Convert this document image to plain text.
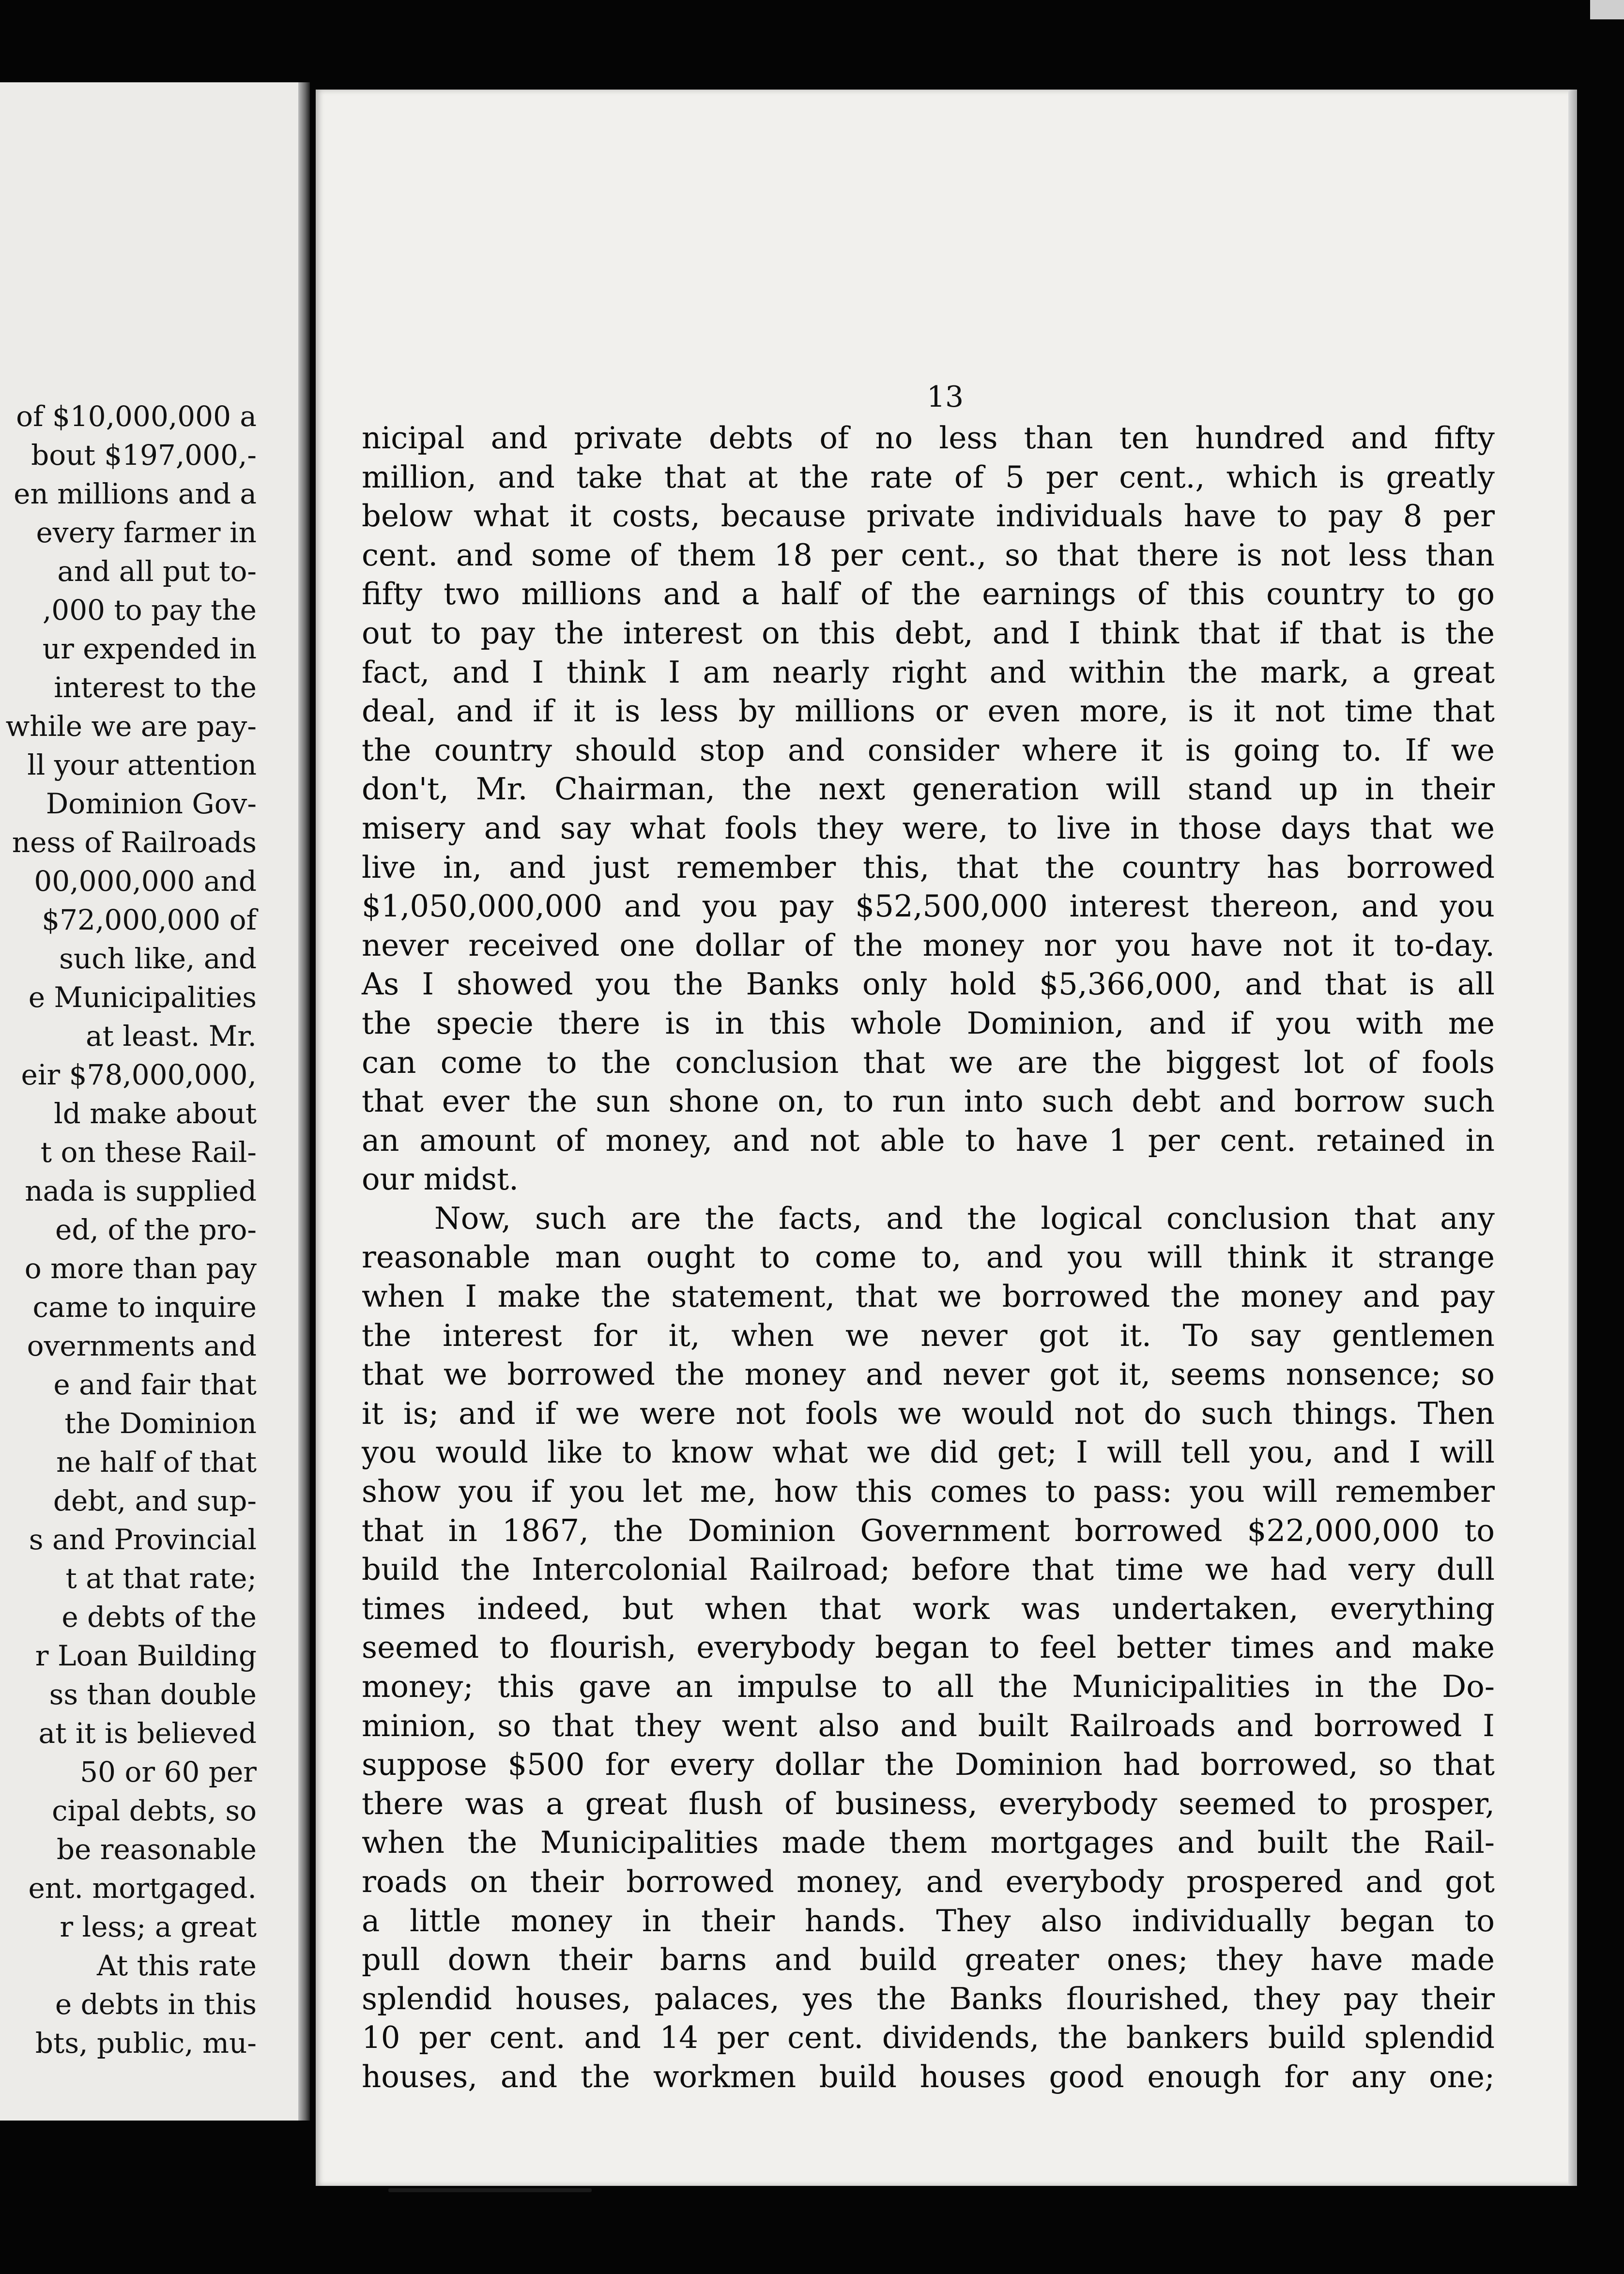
of $10,000,000 a
bout $197,000,-
en millions and a
every farmer in
and all put to-
,000 to pay the
ur expended in
interest to the
while we are pay-
ll your attention
Dominion Gov-
ness of Railroads
00,000,000 and
$72,000,000 of
such like, and
e Municipalities
at least. Mr.
eir $78,000,000,
ld make about
t on these Rail-
nada is supplied
ed, of the pro-
o more than pay
came to inquire
overnments and
e and fair that
the Dominion
ne half of that
debt, and sup-
s and Provincial
t at that rate;
e debts of the
r Loan Building
ss than double
at it is believed
50 or 60 per
cipal debts, so
be reasonable
ent. mortgaged.
r less; a great
At this rate
e debts in this
bts, public, mu-
13
nicipal and private debts of no less than ten hundred and fifty
million, and take that at the rate of 5 per cent., which is greatly
below what it costs, because private individuals have to pay 8 per
cent. and some of them 18 per cent., so that there is not less than
fifty two millions and a half of the earnings of this country to go
out to pay the interest on this debt, and I think that if that is the
fact, and I think I am nearly right and within the mark, a great
deal, and if it is less by millions or even more, is it not time that
the country should stop and consider where it is going to. If we
don't, Mr. Chairman, the next generation will stand up in their
misery and say what fools they were, to live in those days that we
live in, and just remember this, that the country has borrowed
$1,050,000,000 and you pay $52,500,000 interest thereon, and you
never received one dollar of the money nor you have not it to-day.
As I showed you the Banks only hold $5,366,000, and that is all
the specie there is in this whole Dominion, and if you with me
can come to the conclusion that we are the biggest lot of fools
that ever the sun shone on, to run into such debt and borrow such
an amount of money, and not able to have 1 per cent. retained in
our midst.
Now, such are the facts, and the logical conclusion that any
reasonable man ought to come to, and you will think it strange
when I make the statement, that we borrowed the money and pay
the interest for it, when we never got it. To say gentlemen
that we borrowed the money and never got it, seems nonsence; so
it is; and if we were not fools we would not do such things. Then
you would like to know what we did get; I will tell you, and I will
show you if you let me, how this comes to pass: you will remember
that in 1867, the Dominion Government borrowed $22,000,000 to
build the Intercolonial Railroad; before that time we had very dull
times indeed, but when that work was undertaken, everything
seemed to flourish, everybody began to feel better times and make
money; this gave an impulse to all the Municipalities in the Do-
minion, so that they went also and built Railroads and borrowed I
suppose $500 for every dollar the Dominion had borrowed, so that
there was a great flush of business, everybody seemed to prosper,
when the Municipalities made them mortgages and built the Rail-
roads on their borrowed money, and everybody prospered and got
a little money in their hands. They also individually began to
pull down their barns and build greater ones; they have made
splendid houses, palaces, yes the Banks flourished, they pay their
10 per cent. and 14 per cent. dividends, the bankers build splendid
houses, and the workmen build houses good enough for any one;
